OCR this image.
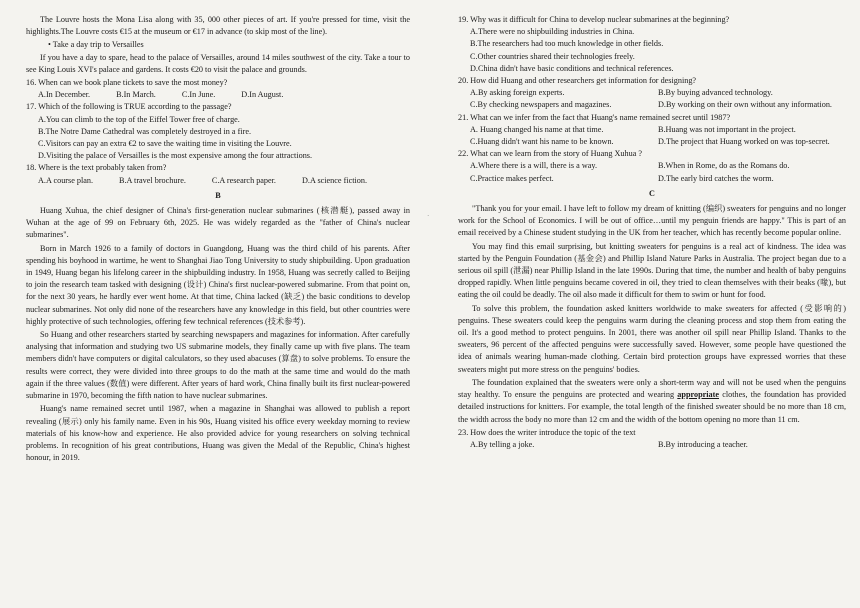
The Louvre hosts the Mona Lisa along with 35, 000 other pieces of art. If you're pressed for time, visit the highlights.The Louvre costs €15 at the museum or €17 in advance (to skip most of the line).

• Take a day trip to Versailles

If you have a day to spare, head to the palace of Versailles, around 14 miles southwest of the city. Take a tour to see King Louis XVI's palace and gardens. It costs €20 to visit the palace and grounds.

16. When can we book plane tickets to save the most money?

A.In December.	B.In March.	C.In June.	D.In August.

17. Which of the following is TRUE according to the passage?

A.You can climb to the top of the Eiffel Tower free of charge.

B.The Notre Dame Cathedral was completely destroyed in a fire.

C.Visitors can pay an extra €2 to save the waiting time in visiting the Louvre.

D.Visiting the palace of Versailles is the most expensive among the four attractions.

18. Where is the text probably taken from?

A.A course plan.	B.A travel brochure.	C.A research paper.	D.A science fiction.

B

Huang Xuhua, the chief designer of China's first-generation nuclear submarines (核潜艇), passed away in Wuhan at the age of 99 on February 6th, 2025. He was widely regarded as the "father of China's nuclear submarines".

Born in March 1926 to a family of doctors in Guangdong, Huang was the third child of his parents. After spending his boyhood in wartime, he went to Shanghai Jiao Tong University to study shipbuilding. Upon graduation in 1949, Huang began his lifelong career in the shipbuilding industry. In 1958, Huang was secretly called to Beijing to join the research team tasked with designing (设计) China's first nuclear-powered submarine. From that point on, for the next 30 years, he hardly ever went home. At that time, China lacked (缺乏) the basic conditions to develop nuclear submarines. Not only did none of the researchers have any knowledge in this field, but other countries were highly protective of such technologies, offering few technical references (技术参考).

So Huang and other researchers started by searching newspapers and magazines for information. After carefully analysing that information and studying two US submarine models, they finally came up with five plans. The team members didn't have computers or digital calculators, so they used abacuses (算盘) to solve problems. To ensure the results were correct, they were divided into three groups to do the math at the same time and would do the math again if the three values (数值) were different. After years of hard work, China finally built its first nuclear-powered submarine in 1970, becoming the fifth nation to have nuclear submarines.

Huang's name remained secret until 1987, when a magazine in Shanghai was allowed to publish a report revealing (展示) only his family name. Even in his 90s, Huang visited his office every weekday morning to review materials of his know-how and experience. He also provided advice for young researchers on solving technical problems. In recognition of his great contributions, Huang was given the Medal of the Republic, China's highest honour, in 2019.

19. Why was it difficult for China to develop nuclear submarines at the beginning?

A.There were no shipbuilding industries in China.

B.The researchers had too much knowledge in other fields.

C.Other countries shared their technologies freely.

D.China didn't have basic conditions and technical references.

20. How did Huang and other researchers get information for designing?

A.By asking foreign experts.	B.By buying advanced technology.
C.By checking newspapers and magazines.	D.By working on their own without any information.

21. What can we infer from the fact that Huang's name remained secret until 1987?

A. Huang changed his name at that time.	B.Huang was not important in the project.
C.Huang didn't want his name to be known.	D.The project that Huang worked on was top-secret.

22. What can we learn from the story of Huang Xuhua ?

A.Where there is a will, there is a way.	B.When in Rome, do as the Romans do.
C.Practice makes perfect.	D.The early bird catches the worm.

C

"Thank you for your email. I have left to follow my dream of knitting (编织) sweaters for penguins and no longer work for the School of Economics. I will be out of office…until my penguin friends are happy." This is part of an email received by a Chinese student studying in the UK from her teacher, which has recently become popular online.

You may find this email surprising, but knitting sweaters for penguins is a real act of kindness. The idea was started by the Penguin Foundation (基金会) and Phillip Island Nature Parks in Australia. The project began due to a serious oil spill (泄漏) near Phillip Island in the late 1990s. During that time, the number and health of baby penguins dropped rapidly. When little penguins became covered in oil, they tried to clean themselves with their beaks (喙), but eating the oil could be deadly. The oil also made it difficult for them to swim or hunt for food.

To solve this problem, the foundation asked knitters worldwide to make sweaters for affected (受影响的) penguins. These sweaters could keep the penguins warm during the cleaning process and stop them from eating the oil. It's a good method to protect penguins. In 2001, there was another oil spill near Phillip Island. Thanks to the sweaters, 96 percent of the affected penguins were successfully saved. However, some people have questioned the idea of animals wearing human-made clothing. Certain bird protection groups have expressed worries that these sweaters might put more stress on the penguins' bodies.

The foundation explained that the sweaters were only a short-term way and will not be used when the penguins stay healthy. To ensure the penguins are protected and wearing appropriate clothes, the foundation has provided detailed instructions for knitters. For example, the total length of the finished sweater should be no more than 18 cm, the width across the body no more than 12 cm and the width of the bottom opening no more than 11 cm.

23. How does the writer introduce the topic of the text

A.By telling a joke.	B.By introducing a teacher.
·
